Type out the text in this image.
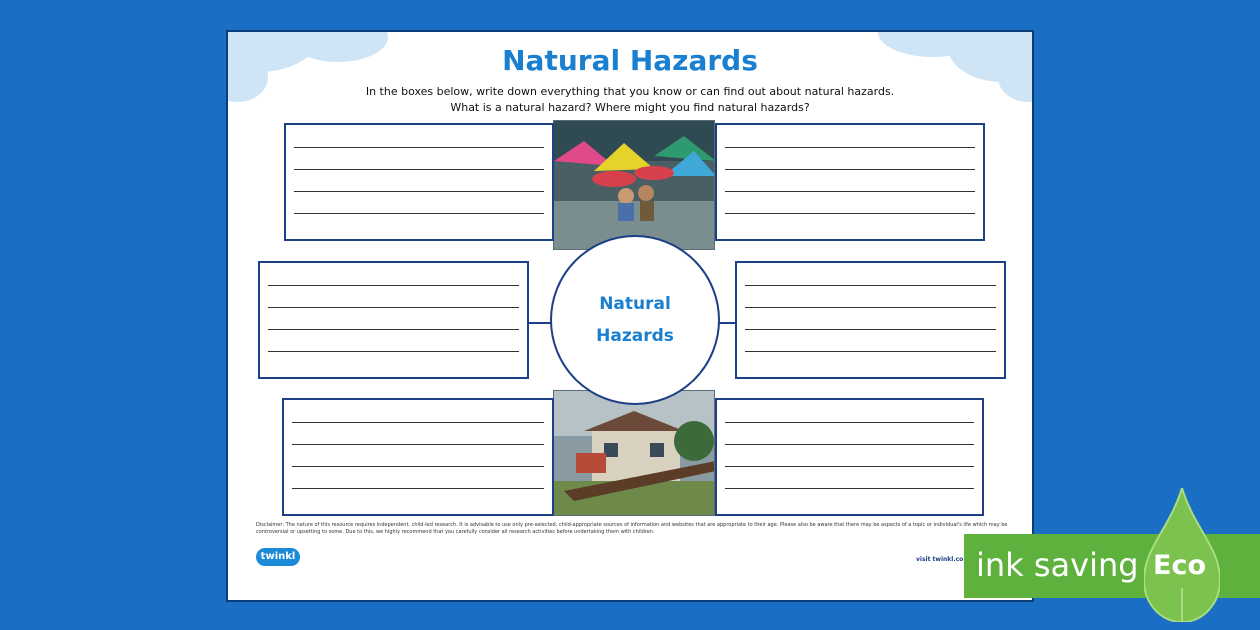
Natural Hazards
In the boxes below, write down everything that you know or can find out about natural hazards.
What is a natural hazard? Where might you find natural hazards?
Natural
Hazards
Disclaimer: The nature of this resource requires independent, child-led research. It is advisable to use only pre-selected, child-appropriate sources of information and websites that are appropriate to their age. Please also be aware that there may be aspects of a topic or individual's life which may be controversial or upsetting to some. Due to this, we highly recommend that you carefully consider all research activities before undertaking them with children.
twinkl	visit twinkl.co ink saving Eco
